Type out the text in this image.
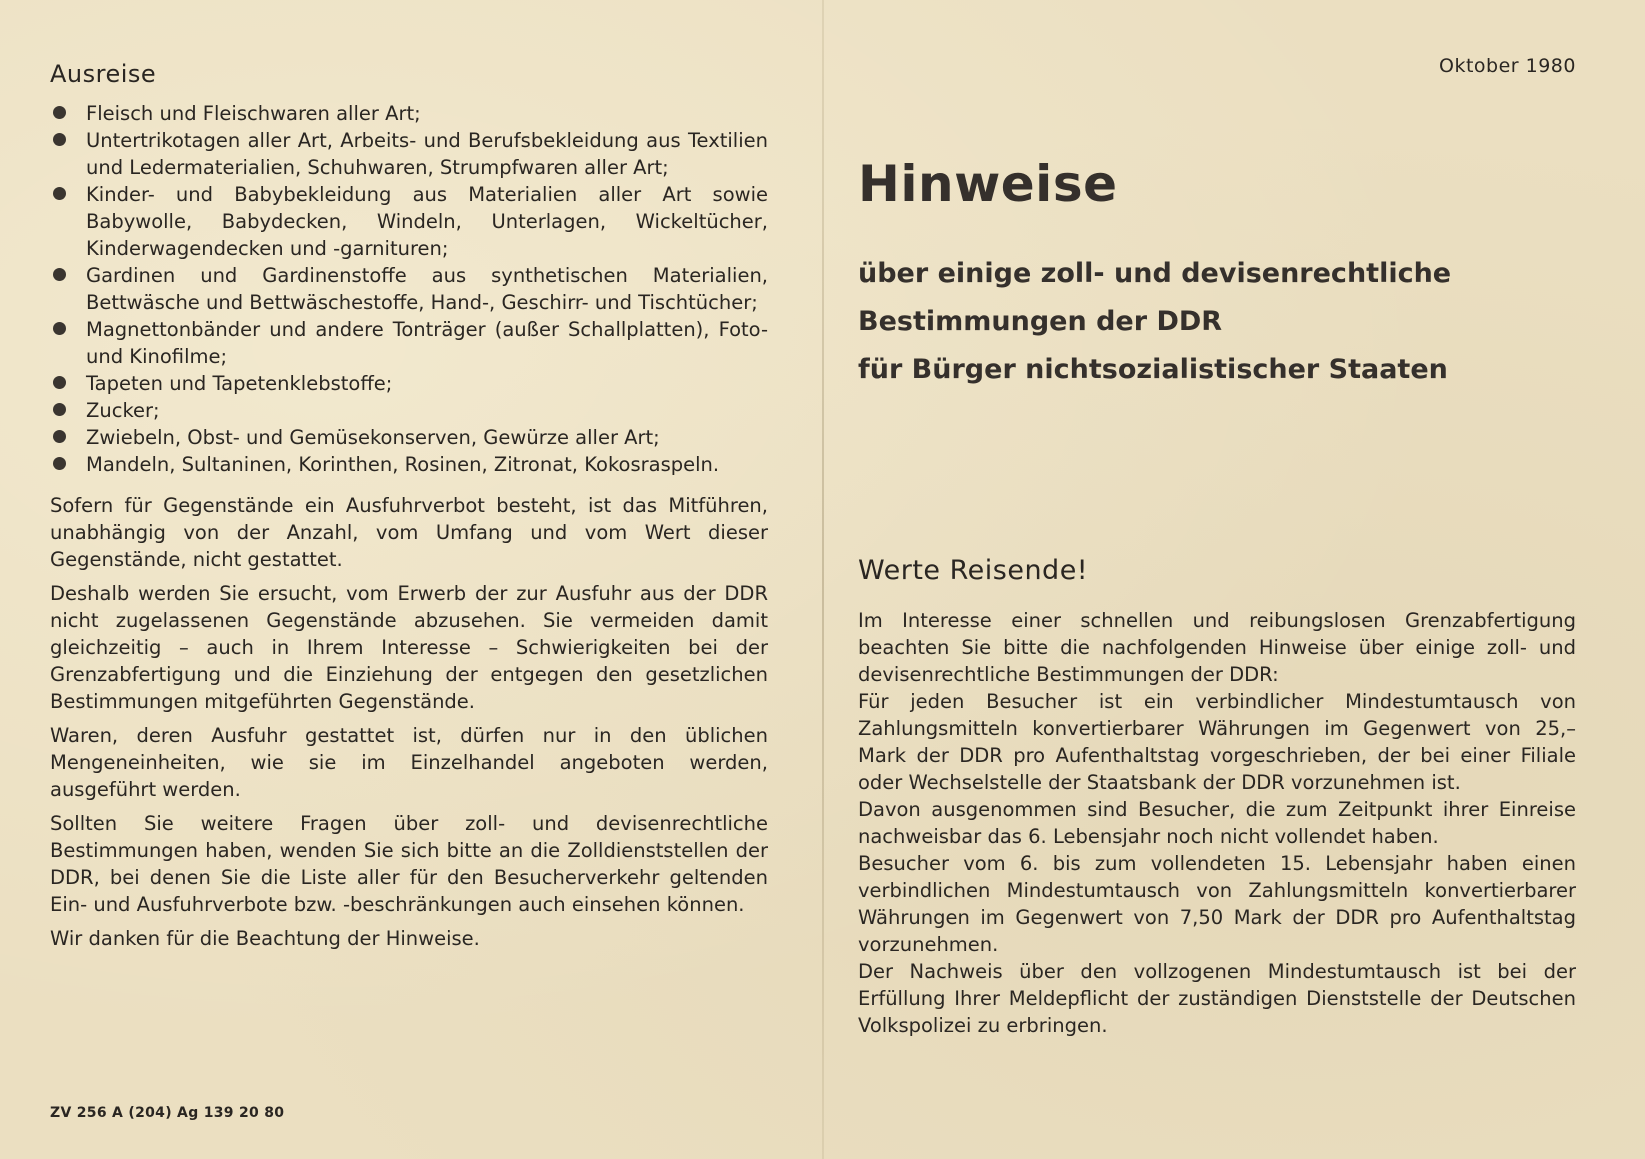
Ausreise
Fleisch und Fleischwaren aller Art;
Untertrikotagen aller Art, Arbeits- und Berufsbekleidung aus Textilien und Ledermaterialien, Schuhwaren, Strumpfwaren aller Art;
Kinder- und Babybekleidung aus Materialien aller Art sowie Babywolle, Babydecken, Windeln, Unterlagen, Wickeltücher, Kinderwagendecken und -garnituren;
Gardinen und Gardinenstoffe aus synthetischen Materialien, Bettwäsche und Bettwäschestoffe, Hand-, Geschirr- und Tischtücher;
Magnettonbänder und andere Tonträger (außer Schallplatten), Foto- und Kinofilme;
Tapeten und Tapetenklebstoffe;
Zucker;
Zwiebeln, Obst- und Gemüsekonserven, Gewürze aller Art;
Mandeln, Sultaninen, Korinthen, Rosinen, Zitronat, Kokosraspeln.

Sofern für Gegenstände ein Ausfuhrverbot besteht, ist das Mitführen, unabhängig von der Anzahl, vom Umfang und vom Wert dieser Gegenstände, nicht gestattet.

Deshalb werden Sie ersucht, vom Erwerb der zur Ausfuhr aus der DDR nicht zugelassenen Gegenstände abzusehen. Sie vermeiden damit gleichzeitig – auch in Ihrem Interesse – Schwierigkeiten bei der Grenzabfertigung und die Einziehung der entgegen den gesetzlichen Bestimmungen mitgeführten Gegenstände.

Waren, deren Ausfuhr gestattet ist, dürfen nur in den üblichen Mengeneinheiten, wie sie im Einzelhandel angeboten werden, ausgeführt werden.

Sollten Sie weitere Fragen über zoll- und devisenrechtliche Bestimmungen haben, wenden Sie sich bitte an die Zolldienststellen der DDR, bei denen Sie die Liste aller für den Besucherverkehr geltenden Ein- und Ausfuhrverbote bzw. -beschränkungen auch einsehen können.

Wir danken für die Beachtung der Hinweise.

ZV 256 A (204) Ag 139 20 80
Oktober 1980
Hinweise
über einige zoll- und devisenrechtliche
Bestimmungen der DDR
für Bürger nichtsozialistischer Staaten
Werte Reisende!

Im Interesse einer schnellen und reibungslosen Grenzabfertigung beachten Sie bitte die nachfolgenden Hinweise über einige zoll- und devisenrechtliche Bestimmungen der DDR:

Für jeden Besucher ist ein verbindlicher Mindestumtausch von Zahlungsmitteln konvertierbarer Währungen im Gegenwert von 25,– Mark der DDR pro Aufenthaltstag vorgeschrieben, der bei einer Filiale oder Wechselstelle der Staatsbank der DDR vorzunehmen ist.

Davon ausgenommen sind Besucher, die zum Zeitpunkt ihrer Einreise nachweisbar das 6. Lebensjahr noch nicht vollendet haben.

Besucher vom 6. bis zum vollendeten 15. Lebensjahr haben einen verbindlichen Mindestumtausch von Zahlungsmitteln konvertierbarer Währungen im Gegenwert von 7,50 Mark der DDR pro Aufenthaltstag vorzunehmen.

Der Nachweis über den vollzogenen Mindestumtausch ist bei der Erfüllung Ihrer Meldepflicht der zuständigen Dienststelle der Deutschen Volkspolizei zu erbringen.
